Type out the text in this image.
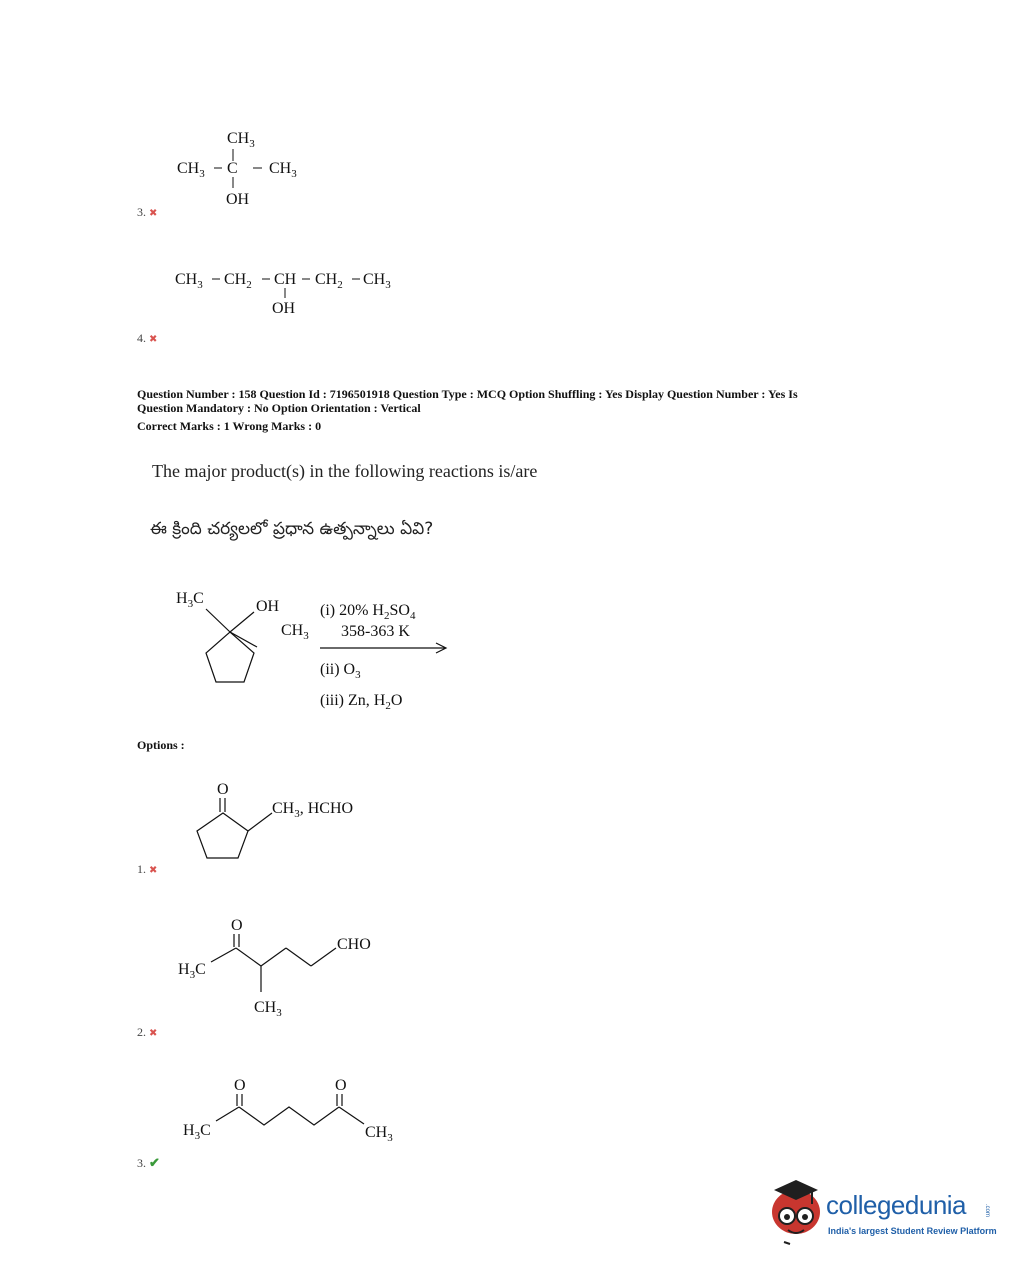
$CH_3$
$CH_3$ C $CH_3$
OH
3. ✖
$CH_3$ $CH_2$ CH $CH_2$ $CH_3$
OH
4. ✖
Question Number : 158 Question Id : 7196501918 Question Type : MCQ Option Shuffling : Yes Display Question Number : Yes Is
Question Mandatory : No Option Orientation : Vertical
Correct Marks : 1 Wrong Marks : 0
The major product(s) in the following reactions is/are
ఈ క్రింది చర్యలలో ప్రధాన ఉత్పన్నాలు ఏవి?
$H_3C$	OH
$CH_3$
(i) 20% $H_2SO_4$
358-363 K
(ii) $O_3$
(iii) Zn, $H_2O$
Options :
O
$CH_3$, HCHO
1. ✖
O
$H_3C$
CHO
$CH_3$
2. ✖
O	O
$H_3C$	$CH_3$
3. ✔
collegedunia	.com
India's largest Student Review Platform
